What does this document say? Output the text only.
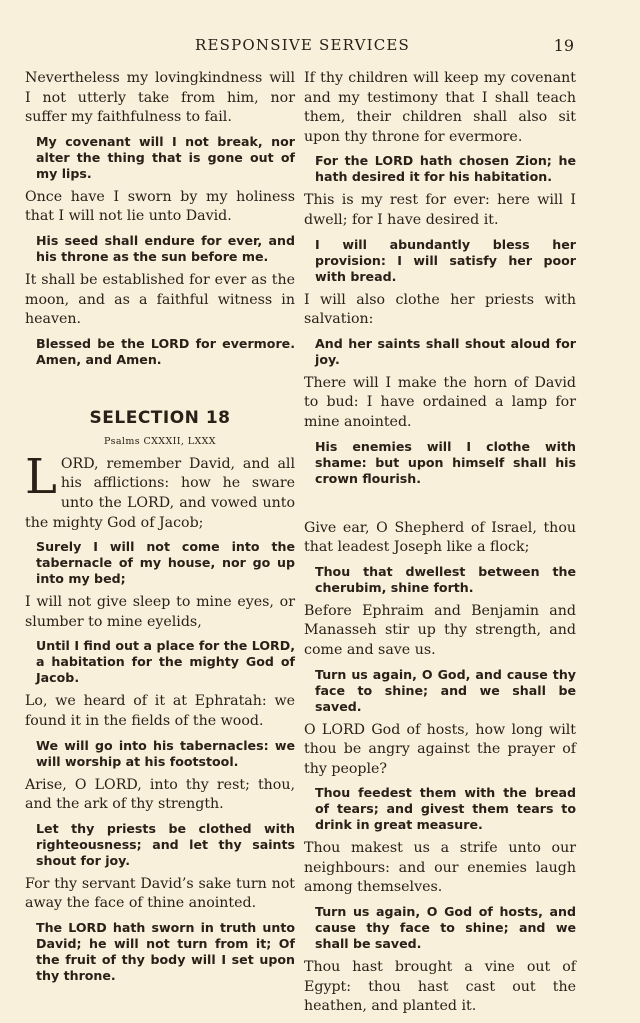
RESPONSIVE SERVICES	19

Nevertheless my lovingkindness will I not utterly take from him, nor suffer my faithfulness to fail.

My covenant will I not break, nor alter the thing that is gone out of my lips.

Once have I sworn by my holiness that I will not lie unto David.

His seed shall endure for ever, and his throne as the sun before me.

It shall be established for ever as the moon, and as a faithful witness in heaven.

Blessed be the LORD for evermore. Amen, and Amen.

SELECTION 18
Psalms CXXXII, LXXX

L ORD, remember David, and all his afflictions: how he sware unto the LORD, and vowed unto the mighty God of Jacob;

Surely I will not come into the tabernacle of my house, nor go up into my bed;

I will not give sleep to mine eyes, or slumber to mine eyelids,

Until I find out a place for the LORD, a habitation for the mighty God of Jacob.

Lo, we heard of it at Ephratah: we found it in the fields of the wood.

We will go into his tabernacles: we will worship at his footstool.

Arise, O LORD, into thy rest; thou, and the ark of thy strength.

Let thy priests be clothed with righteousness; and let thy saints shout for joy.

For thy servant David’s sake turn not away the face of thine anointed.

The LORD hath sworn in truth unto David; he will not turn from it; Of the fruit of thy body will I set upon thy throne.

If thy children will keep my covenant and my testimony that I shall teach them, their children shall also sit upon thy throne for evermore.

For the LORD hath chosen Zion; he hath desired it for his habitation.

This is my rest for ever: here will I dwell; for I have desired it.

I will abundantly bless her provision: I will satisfy her poor with bread.

I will also clothe her priests with salvation:

And her saints shall shout aloud for joy.

There will I make the horn of David to bud: I have ordained a lamp for mine anointed.

His enemies will I clothe with shame: but upon himself shall his crown flourish.

Give ear, O Shepherd of Israel, thou that leadest Joseph like a flock;

Thou that dwellest between the cherubim, shine forth.

Before Ephraim and Benjamin and Manasseh stir up thy strength, and come and save us.

Turn us again, O God, and cause thy face to shine; and we shall be saved.

O LORD God of hosts, how long wilt thou be angry against the prayer of thy people?

Thou feedest them with the bread of tears; and givest them tears to drink in great measure.

Thou makest us a strife unto our neighbours: and our enemies laugh among themselves.

Turn us again, O God of hosts, and cause thy face to shine; and we shall be saved.

Thou hast brought a vine out of Egypt: thou hast cast out the heathen, and planted it.
